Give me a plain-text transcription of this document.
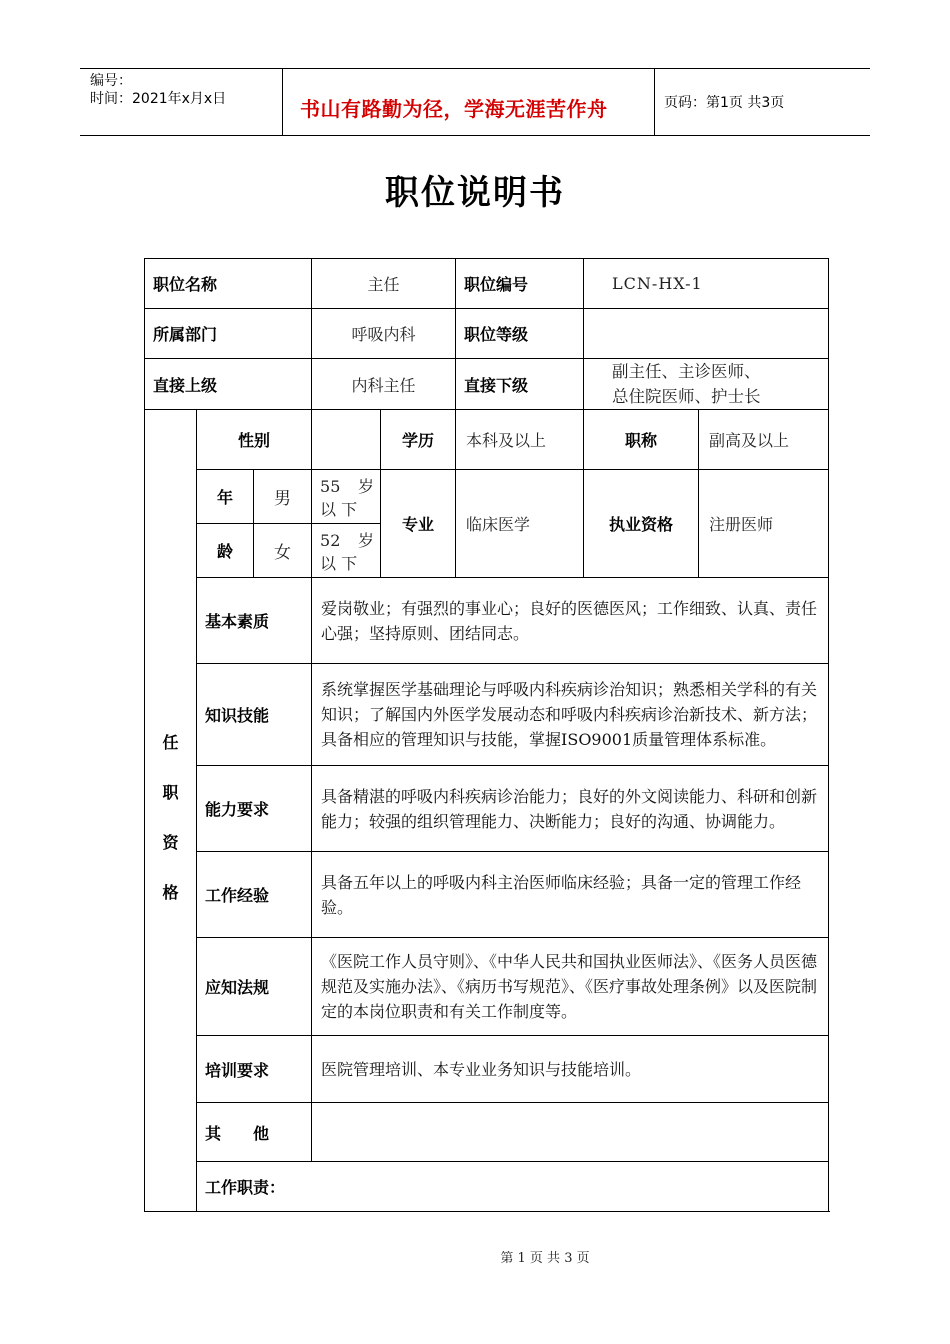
编号：
时间：2021年x月x日	书山有路勤为径，学海无涯苦作舟	页码：第1页 共3页
职位说明书
职位名称			主任		职位编号	LCN-HX-1	
所属部门			呼吸内科		职位等级		
直接上级			内科主任		直接下级	副主任、主诊医师、
总住院医师、护士长	

任
职
资
格	性别			学历	本科及以上	职称	副高及以上
	年	男	55 岁 以 下	专业	临床医学	执业资格	注册医师
	龄	女	52 岁 以 下				
	基本素质		爱岗敬业；有强烈的事业心；良好的医德医风；工作细致、认真、责任心强；坚持原则、团结同志。				
	知识技能		系统掌握医学基础理论与呼吸内科疾病诊治知识；熟悉相关学科的有关知识；了解国内外医学发展动态和呼吸内科疾病诊治新技术、新方法；具备相应的管理知识与技能，掌握ISO9001质量管理体系标准。				
	能力要求		具备精湛的呼吸内科疾病诊治能力；良好的外文阅读能力、科研和创新能力；较强的组织管理能力、决断能力；良好的沟通、协调能力。				
	工作经验		具备五年以上的呼吸内科主治医师临床经验；具备一定的管理工作经验。				
	应知法规		《医院工作人员守则》、《中华人民共和国执业医师法》、《医务人员医德规范及实施办法》、《病历书写规范》、《医疗事故处理条例》以及医院制定的本岗位职责和有关工作制度等。				
	培训要求		医院管理培训、本专业业务知识与技能培训。				
	其　　他						
	工作职责：						
第 1 页 共 3 页
